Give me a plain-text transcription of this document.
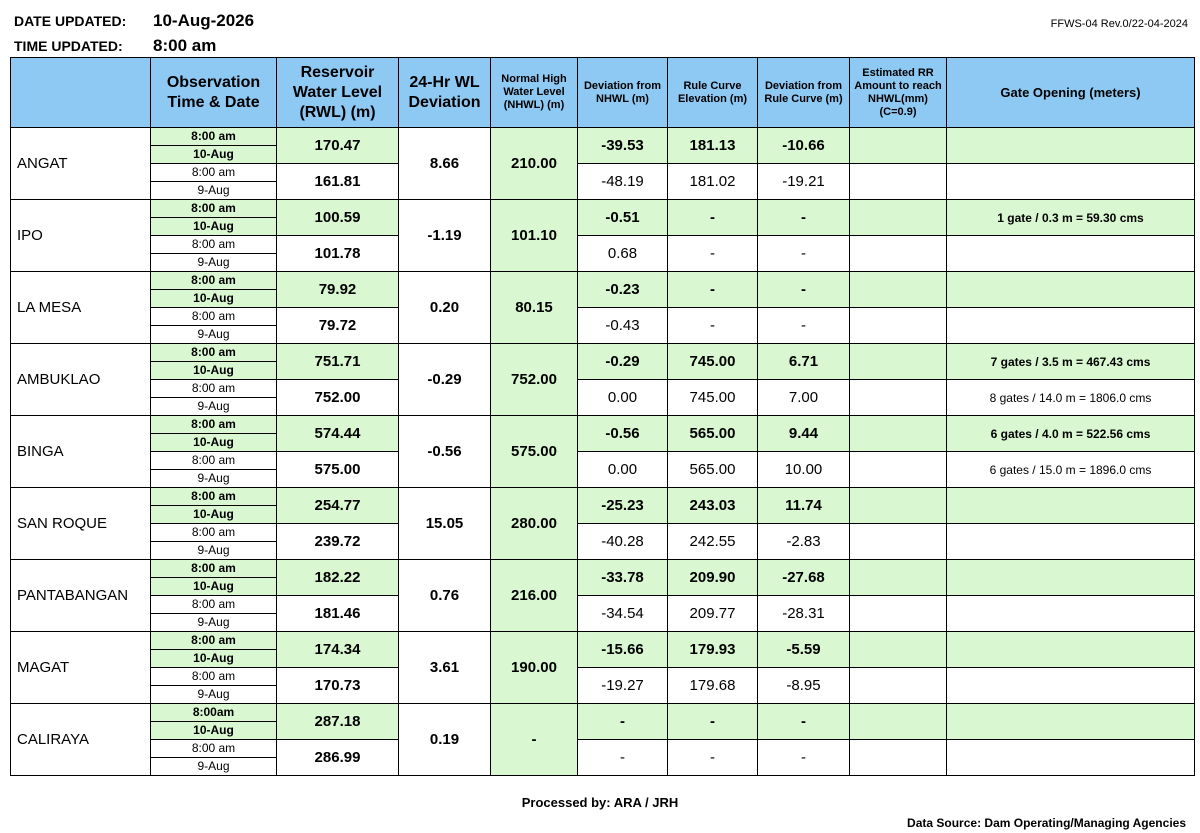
DATE UPDATED: 10-Aug-2026
TIME UPDATED: 8:00 am
FFWS-04 Rev.0/22-04-2024
	Observation Time & Date	Reservoir Water Level (RWL) (m)	24-Hr WL Deviation	Normal High Water Level (NHWL) (m)	Deviation from NHWL (m)	Rule Curve Elevation (m)	Deviation from Rule Curve (m)	Estimated RR Amount to reach NHWL(mm) (C=0.9)	Gate Opening (meters)
ANGAT	8:00 am	170.47	8.66	210.00	-39.53	181.13	-10.66		
	10-Aug								
	8:00 am	161.81			-48.19	181.02	-19.21		
	9-Aug								
IPO	8:00 am	100.59	-1.19	101.10	-0.51	-	-		1 gate / 0.3 m = 59.30 cms
	10-Aug								
	8:00 am	101.78			0.68	-	-		
	9-Aug								
LA MESA	8:00 am	79.92	0.20	80.15	-0.23	-	-		
	10-Aug								
	8:00 am	79.72			-0.43	-	-		
	9-Aug								
AMBUKLAO	8:00 am	751.71	-0.29	752.00	-0.29	745.00	6.71		7 gates / 3.5 m = 467.43 cms
	10-Aug								
	8:00 am	752.00			0.00	745.00	7.00		8 gates / 14.0 m = 1806.0 cms
	9-Aug								
BINGA	8:00 am	574.44	-0.56	575.00	-0.56	565.00	9.44		6 gates / 4.0 m = 522.56 cms
	10-Aug								
	8:00 am	575.00			0.00	565.00	10.00		6 gates / 15.0 m = 1896.0 cms
	9-Aug								
SAN ROQUE	8:00 am	254.77	15.05	280.00	-25.23	243.03	11.74		
	10-Aug								
	8:00 am	239.72			-40.28	242.55	-2.83		
	9-Aug								
PANTABANGAN	8:00 am	182.22	0.76	216.00	-33.78	209.90	-27.68		
	10-Aug								
	8:00 am	181.46			-34.54	209.77	-28.31		
	9-Aug								
MAGAT	8:00 am	174.34	3.61	190.00	-15.66	179.93	-5.59		
	10-Aug								
	8:00 am	170.73			-19.27	179.68	-8.95		
	9-Aug								
CALIRAYA	8:00am	287.18	0.19	-	-	-	-		
	10-Aug								
	8:00 am	286.99			-	-	-		
	9-Aug								
Processed by: ARA / JRH
Data Source: Dam Operating/Managing Agencies
